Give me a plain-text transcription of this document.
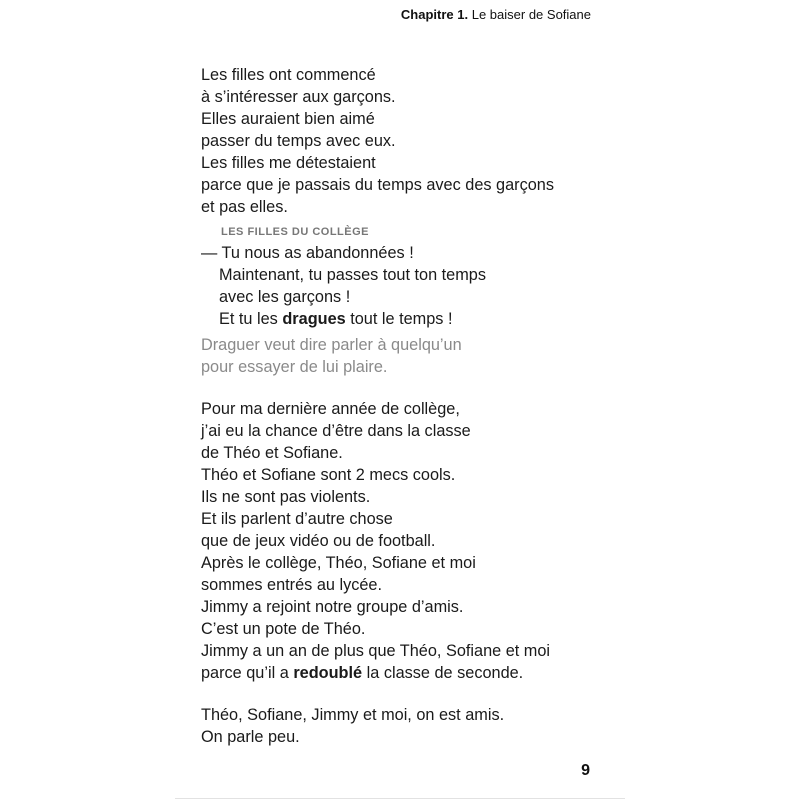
Chapitre 1. Le baiser de Sofiane
Les filles ont commencé
à s’intéresser aux garçons.
Elles auraient bien aimé
passer du temps avec eux.
Les filles me détestaient
parce que je passais du temps avec des garçons
et pas elles.
LES FILLES DU COLLÈGE
— Tu nous as abandonnées !
Maintenant, tu passes tout ton temps
avec les garçons !
Et tu les dragues tout le temps !
Draguer veut dire parler à quelqu’un
pour essayer de lui plaire.
Pour ma dernière année de collège,
j’ai eu la chance d’être dans la classe
de Théo et Sofiane.
Théo et Sofiane sont 2 mecs cools.
Ils ne sont pas violents.
Et ils parlent d’autre chose
que de jeux vidéo ou de football.
Après le collège, Théo, Sofiane et moi
sommes entrés au lycée.
Jimmy a rejoint notre groupe d’amis.
C’est un pote de Théo.
Jimmy a un an de plus que Théo, Sofiane et moi
parce qu’il a redoublé la classe de seconde.
Théo, Sofiane, Jimmy et moi, on est amis.
On parle peu.
9
